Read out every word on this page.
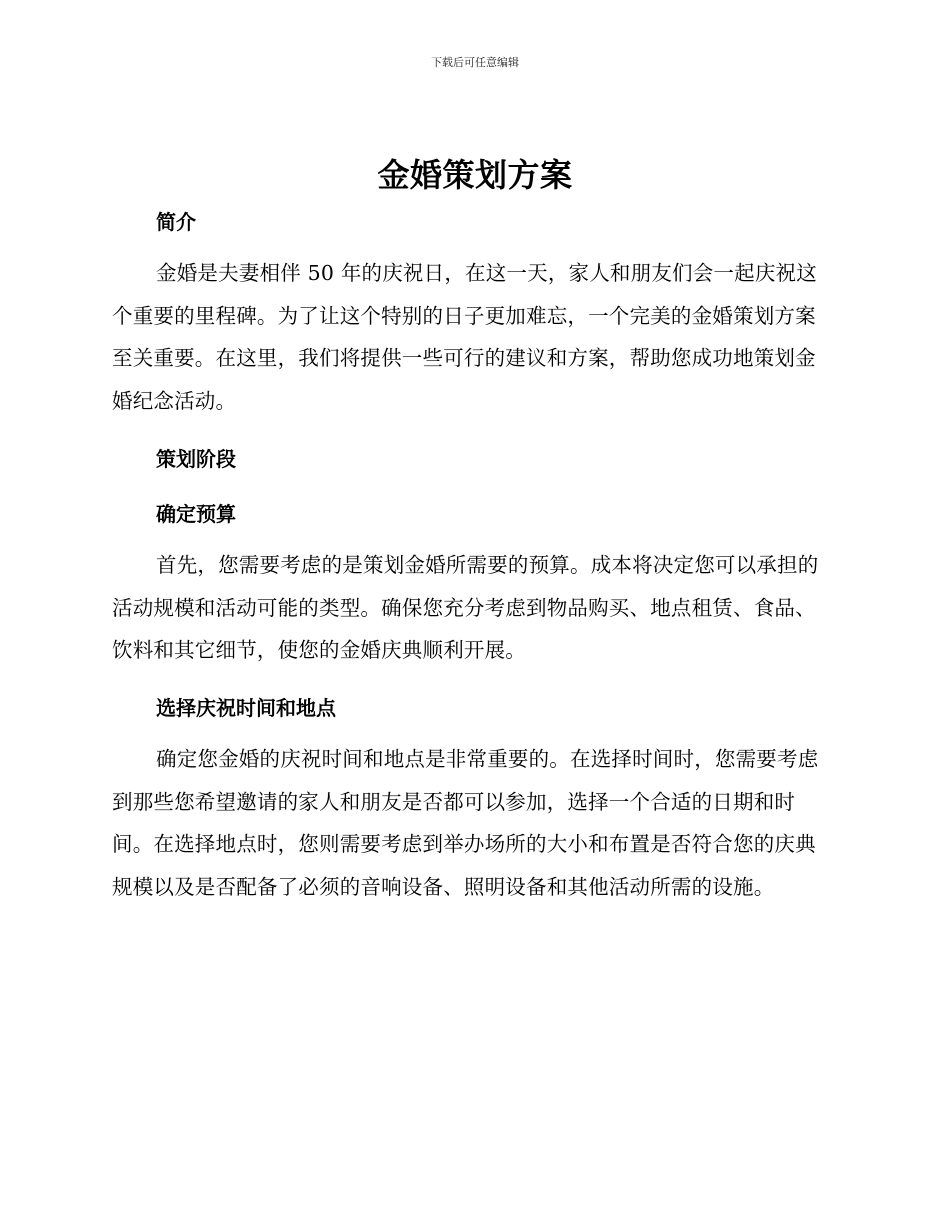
下载后可任意编辑
金婚策划方案
简介

金婚是夫妻相伴 50 年的庆祝日，在这一天，家人和朋友们会一起庆祝这个重要的里程碑。为了让这个特别的日子更加难忘，一个完美的金婚策划方案至关重要。在这里，我们将提供一些可行的建议和方案，帮助您成功地策划金婚纪念活动。

策划阶段
确定预算

首先，您需要考虑的是策划金婚所需要的预算。成本将决定您可以承担的活动规模和活动可能的类型。确保您充分考虑到物品购买、地点租赁、食品、饮料和其它细节，使您的金婚庆典顺利开展。

选择庆祝时间和地点

确定您金婚的庆祝时间和地点是非常重要的。在选择时间时，您需要考虑到那些您希望邀请的家人和朋友是否都可以参加，选择一个合适的日期和时间。在选择地点时，您则需要考虑到举办场所的大小和布置是否符合您的庆典规模以及是否配备了必须的音响设备、照明设备和其他活动所需的设施。
